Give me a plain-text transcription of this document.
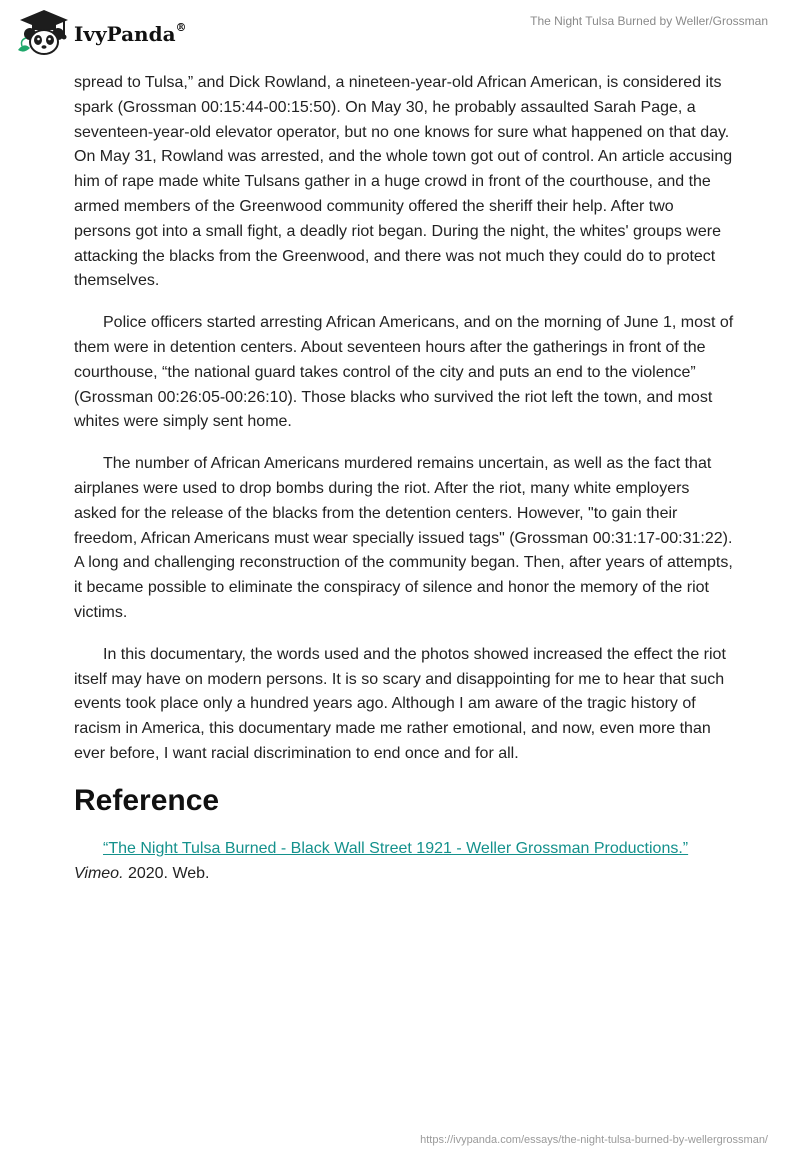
IvyPanda®	The Night Tulsa Burned by Weller/Grossman

spread to Tulsa,” and Dick Rowland, a nineteen-year-old African American, is considered its spark (Grossman 00:15:44-00:15:50). On May 30, he probably assaulted Sarah Page, a seventeen-year-old elevator operator, but no one knows for sure what happened on that day. On May 31, Rowland was arrested, and the whole town got out of control. An article accusing him of rape made white Tulsans gather in a huge crowd in front of the courthouse, and the armed members of the Greenwood community offered the sheriff their help. After two persons got into a small fight, a deadly riot began. During the night, the whites' groups were attacking the blacks from the Greenwood, and there was not much they could do to protect themselves.

Police officers started arresting African Americans, and on the morning of June 1, most of them were in detention centers. About seventeen hours after the gatherings in front of the courthouse, “the national guard takes control of the city and puts an end to the violence” (Grossman 00:26:05-00:26:10). Those blacks who survived the riot left the town, and most whites were simply sent home.

The number of African Americans murdered remains uncertain, as well as the fact that airplanes were used to drop bombs during the riot. After the riot, many white employers asked for the release of the blacks from the detention centers. However, "to gain their freedom, African Americans must wear specially issued tags" (Grossman 00:31:17-00:31:22). A long and challenging reconstruction of the community began. Then, after years of attempts, it became possible to eliminate the conspiracy of silence and honor the memory of the riot victims.

In this documentary, the words used and the photos showed increased the effect the riot itself may have on modern persons. It is so scary and disappointing for me to hear that such events took place only a hundred years ago. Although I am aware of the tragic history of racism in America, this documentary made me rather emotional, and now, even more than ever before, I want racial discrimination to end once and for all.

Reference
“The Night Tulsa Burned - Black Wall Street 1921 - Weller Grossman Productions.”
Vimeo. 2020. Web.
https://ivypanda.com/essays/the-night-tulsa-burned-by-wellergrossman/
